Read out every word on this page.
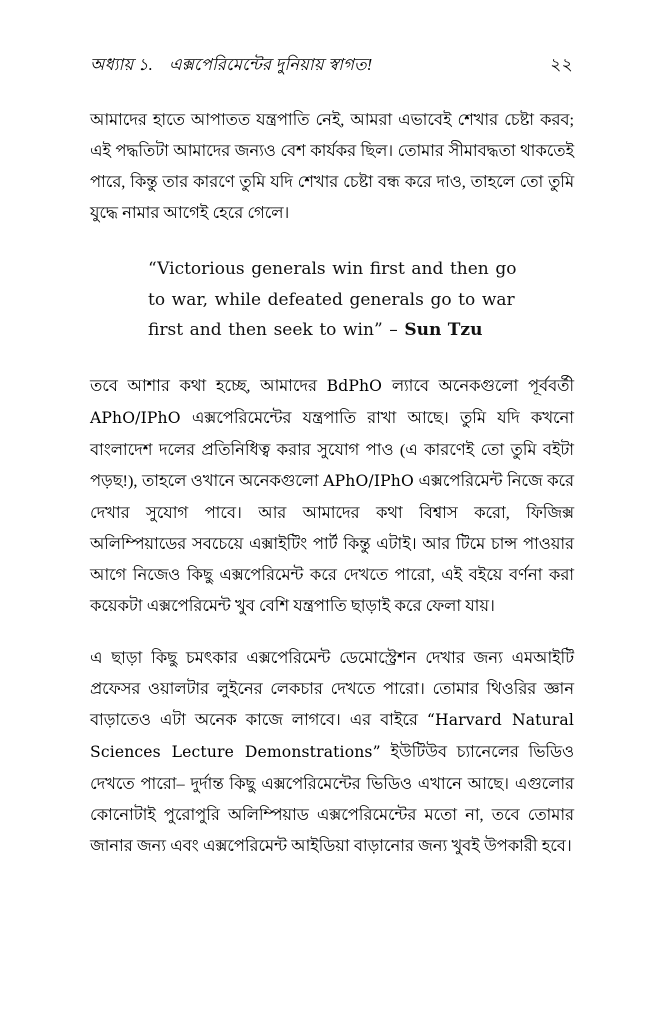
অধ্যায় ১. এক্সপেরিমেন্টের দুনিয়ায় স্বাগত!	২২

আমাদের হাতে আপাতত যন্ত্রপাতি নেই, আমরা এভাবেই শেখার চেষ্টা করব; এই পদ্ধতিটা আমাদের জন্যও বেশ কার্যকর ছিল। তোমার সীমাবদ্ধতা থাকতেই পারে, কিন্তু তার কারণে তুমি যদি শেখার চেষ্টা বন্ধ করে দাও, তাহলে তো তুমি যুদ্ধে নামার আগেই হেরে গেলে।

“Victorious generals win first and then go to war, while defeated generals go to war first and then seek to win” – Sun Tzu

তবে আশার কথা হচ্ছে, আমাদের BdPhO ল্যাবে অনেকগুলো পূর্ববর্তী APhO/IPhO এক্সপেরিমেন্টের যন্ত্রপাতি রাখা আছে। তুমি যদি কখনো বাংলাদেশ দলের প্রতিনিধিত্ব করার সুযোগ পাও (এ কারণেই তো তুমি বইটা পড়ছ!), তাহলে ওখানে অনেকগুলো APhO/IPhO এক্সপেরিমেন্ট নিজে করে দেখার সুযোগ পাবে। আর আমাদের কথা বিশ্বাস করো, ফিজিক্স অলিম্পিয়াডের সবচেয়ে এক্সাইটিং পার্ট কিন্তু এটাই। আর টিমে চান্স পাওয়ার আগে নিজেও কিছু এক্সপেরিমেন্ট করে দেখতে পারো, এই বইয়ে বর্ণনা করা কয়েকটা এক্সপেরিমেন্ট খুব বেশি যন্ত্রপাতি ছাড়াই করে ফেলা যায়।

এ ছাড়া কিছু চমৎকার এক্সপেরিমেন্ট ডেমোস্ট্রেশন দেখার জন্য এমআইটি প্রফেসর ওয়ালটার লুইনের লেকচার দেখতে পারো। তোমার থিওরির জ্ঞান বাড়াতেও এটা অনেক কাজে লাগবে। এর বাইরে “Harvard Natural Sciences Lecture Demonstrations” ইউটিউব চ্যানেলের ভিডিও দেখতে পারো– দুর্দান্ত কিছু এক্সপেরিমেন্টের ভিডিও এখানে আছে। এগুলোর কোনোটাই পুরোপুরি অলিম্পিয়াড এক্সপেরিমেন্টের মতো না, তবে তোমার জানার জন্য এবং এক্সপেরিমেন্ট আইডিয়া বাড়ানোর জন্য খুবই উপকারী হবে।
